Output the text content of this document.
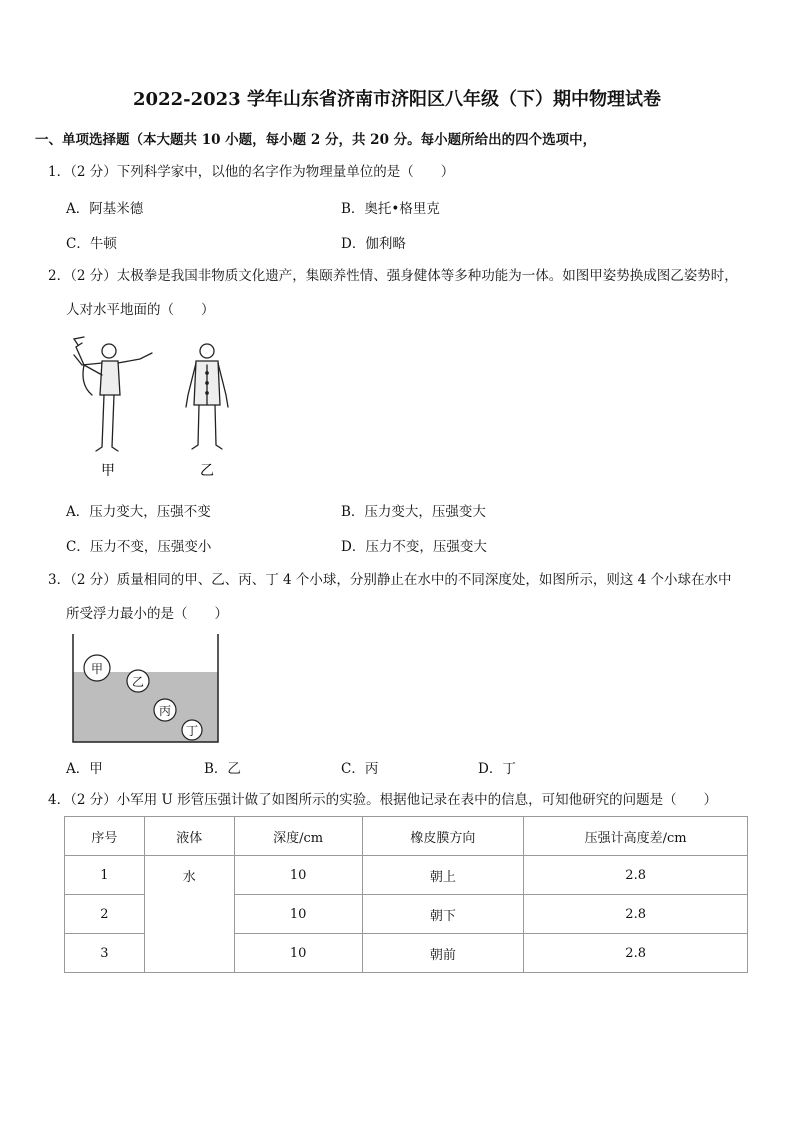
2022-2023 学年山东省济南市济阳区八年级（下）期中物理试卷
一、单项选择题（本大题共 10 小题，每小题 2 分，共 20 分。每小题所给出的四个选项中，
1．（2 分）下列科学家中，以他的名字作为物理量单位的是（　　）
A．阿基米德	B．奥托•格里克
C．牛顿	D．伽利略
2．（2 分）太极拳是我国非物质文化遗产，集颐养性情、强身健体等多种功能为一体。如图甲姿势换成图乙姿势时，
人对水平地面的（　　）
甲	乙
A．压力变大，压强不变	B．压力变大，压强变大
C．压力不变，压强变小	D．压力不变，压强变大
3．（2 分）质量相同的甲、乙、丙、丁 4 个小球，分别静止在水中的不同深度处，如图所示，则这 4 个小球在水中
所受浮力最小的是（　　）
甲
乙
丙
丁
A．甲	B．乙	C．丙	D．丁
4．（2 分）小军用 U 形管压强计做了如图所示的实验。根据他记录在表中的信息，可知他研究的问题是（　　）
序号	液体	深度/cm	橡皮膜方向	压强计高度差/cm
1	水	10	朝上	2.8
2		10	朝下	2.8
3		10	朝前	2.8
